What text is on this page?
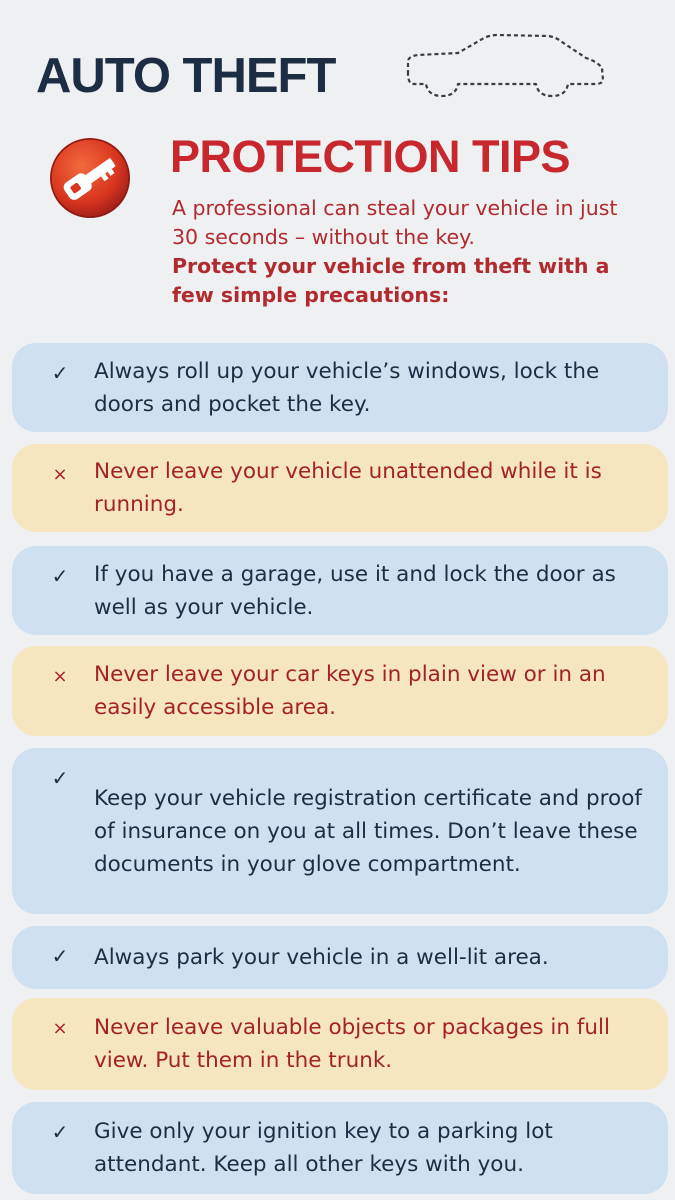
AUTO THEFT
PROTECTION TIPS

A professional can steal your vehicle in just 30 seconds – without the key.

Protect your vehicle from theft with a few simple precautions:

✓ Always roll up your vehicle’s windows, lock the doors and pocket the key.

× Never leave your vehicle unattended while it is running.

✓ If you have a garage, use it and lock the door as well as your vehicle.

× Never leave your car keys in plain view or in an easily accessible area.

✓

Keep your vehicle registration certificate and proof of insurance on you at all times. Don’t leave these documents in your glove compartment.

✓ Always park your vehicle in a well-lit area.

× Never leave valuable objects or packages in full view. Put them in the trunk.

✓ Give only your ignition key to a parking lot attendant. Keep all other keys with you.
